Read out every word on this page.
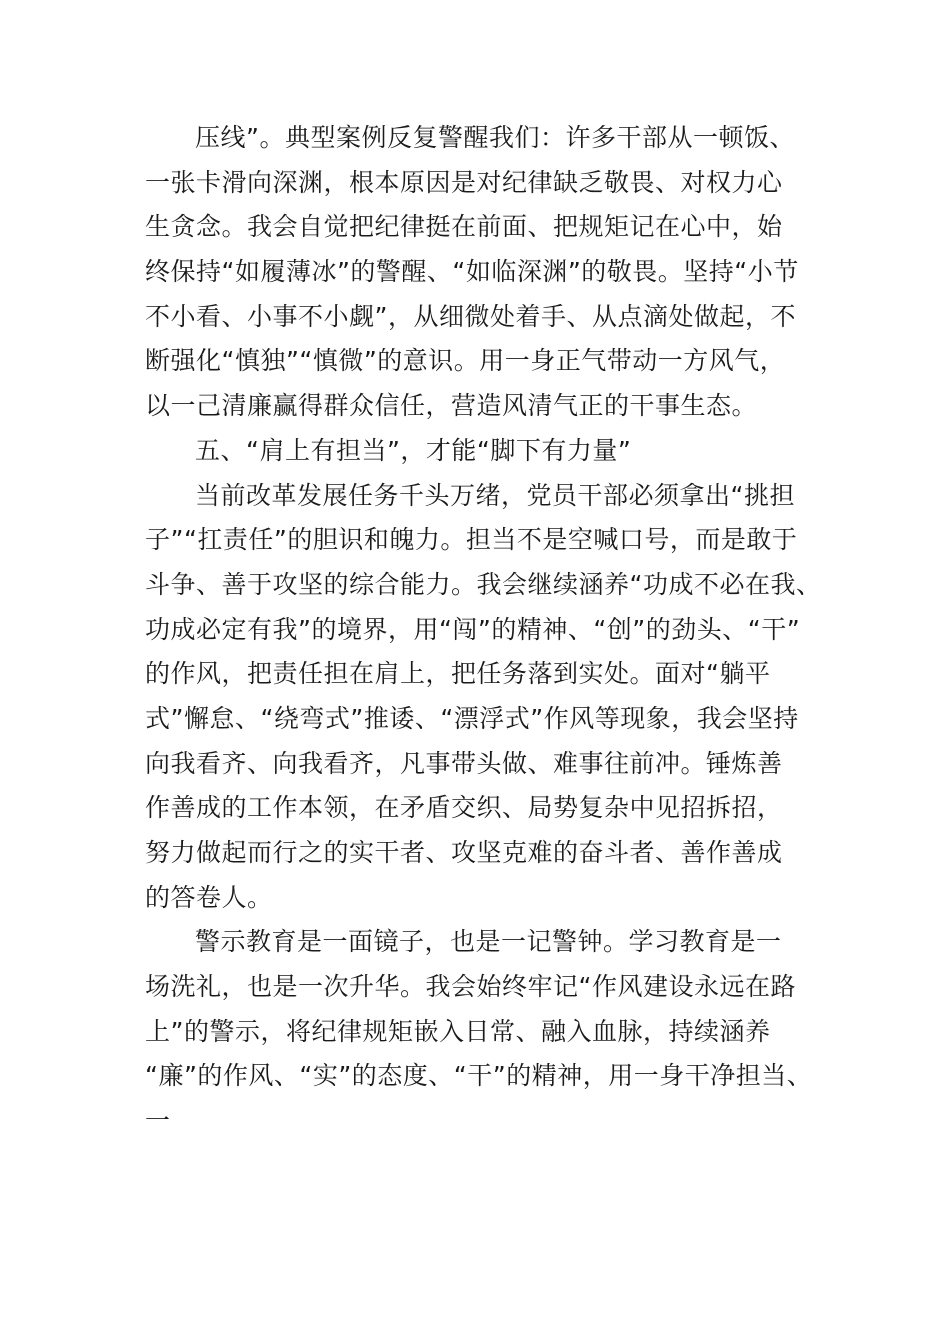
压线”。典型案例反复警醒我们：许多干部从一顿饭、
一张卡滑向深渊，根本原因是对纪律缺乏敬畏、对权力心
生贪念。我会自觉把纪律挺在前面、把规矩记在心中，始
终保持“如履薄冰”的警醒、“如临深渊”的敬畏。坚持“小节
不小看、小事不小觑”，从细微处着手、从点滴处做起，不
断强化“慎独”“慎微”的意识。用一身正气带动一方风气，
以一己清廉赢得群众信任，营造风清气正的干事生态。
五、“肩上有担当”，才能“脚下有力量”
当前改革发展任务千头万绪，党员干部必须拿出“挑担
子”“扛责任”的胆识和魄力。担当不是空喊口号，而是敢于
斗争、善于攻坚的综合能力。我会继续涵养“功成不必在我、
功成必定有我”的境界，用“闯”的精神、“创”的劲头、“干”
的作风，把责任担在肩上，把任务落到实处。面对“躺平
式”懈怠、“绕弯式”推诿、“漂浮式”作风等现象，我会坚持
向我看齐、向我看齐，凡事带头做、难事往前冲。锤炼善
作善成的工作本领，在矛盾交织、局势复杂中见招拆招，
努力做起而行之的实干者、攻坚克难的奋斗者、善作善成
的答卷人。
警示教育是一面镜子，也是一记警钟。学习教育是一
场洗礼，也是一次升华。我会始终牢记“作风建设永远在路
上”的警示，将纪律规矩嵌入日常、融入血脉，持续涵养
“廉”的作风、“实”的态度、“干”的精神，用一身干净担当、
一
